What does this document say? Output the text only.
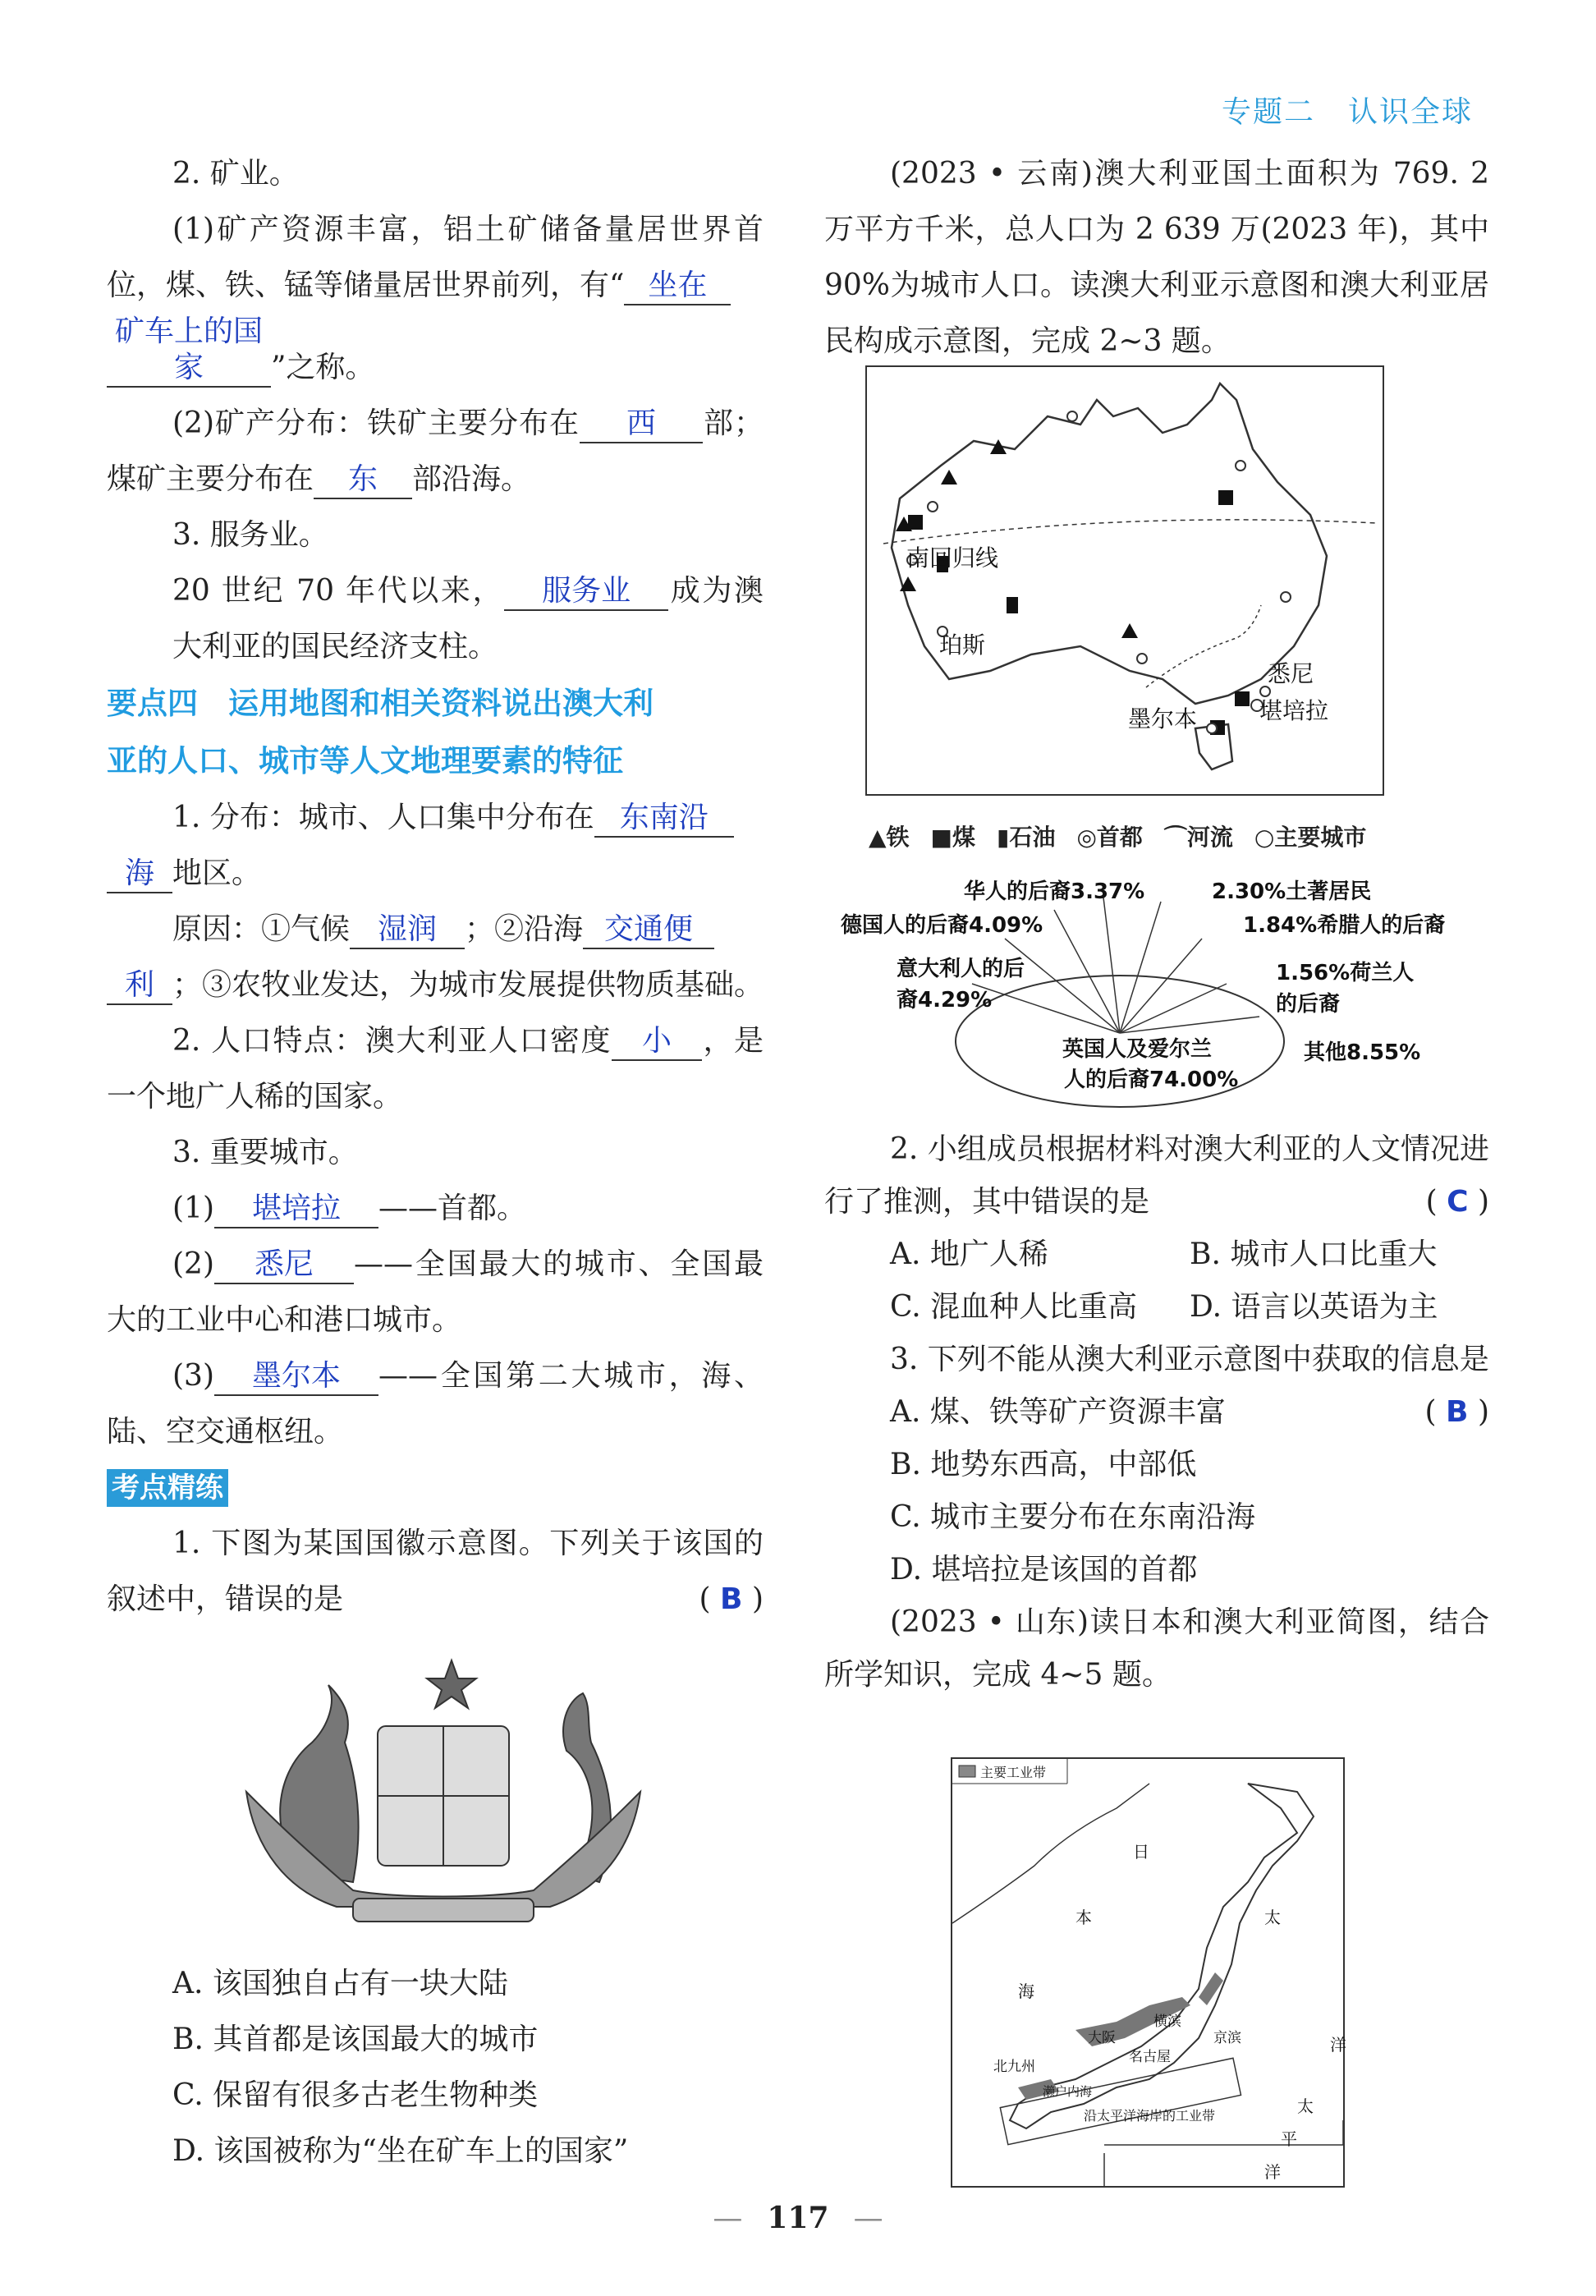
专题二 认识全球

2. 矿业。

(1)矿产资源丰富，铝土矿储备量居世界首位，煤、铁、锰等储量居世界前列，有“ 坐在
矿车上的国家 ”之称。

(2)矿产分布：铁矿主要分布在 西 部；煤矿主要分布在 东 部沿海。

3. 服务业。

20 世纪 70 年代以来， 服务业 成为澳大利亚的国民经济支柱。

要点四　运用地图和相关资料说出澳大利

亚的人口、城市等人文地理要素的特征

1. 分布：城市、人口集中分布在 东南沿
海 地区。

原因：①气候 湿润 ；②沿海 交通便
利 ；③农牧业发达，为城市发展提供物质基础。

2. 人口特点：澳大利亚人口密度 小 ，是一个地广人稀的国家。

3. 重要城市。

(1) 堪培拉 ——首都。

(2) 悉尼 ——全国最大的城市、全国最大的工业中心和港口城市。

(3) 墨尔本 ——全国第二大城市，海、陆、空交通枢纽。

考点精练

1. 下图为某国国徽示意图。下列关于该国的叙述中，错误的是	( B )

A. 该国独自占有一块大陆

B. 其首都是该国最大的城市

C. 保留有很多古老生物种类

D. 该国被称为“坐在矿车上的国家”

(2023 • 云南)澳大利亚国土面积为 769. 2 万平方千米，总人口为 2 639 万(2023 年)，其中 90%为城市人口。读澳大利亚示意图和澳大利亚居民构成示意图，完成 2~3 题。

南回归线
珀斯
悉尼
堪培拉
墨尔本
▲铁 ■煤 ▮石油 ◎首都 ⌒河流 ○主要城市
华人的后裔3.37%	2.30%土著居民
德国人的后裔4.09%	1.84%希腊人的后裔
意大利人的后
裔4.29%
1.56%荷兰人
的后裔
其他8.55%
英国人及爱尔兰
人的后裔74.00%

2. 小组成员根据材料对澳大利亚的人文情况进行了推测，其中错误的是	( C )

A. 地广人稀	B. 城市人口比重大
C. 混血种人比重高	D. 语言以英语为主

3. 下列不能从澳大利亚示意图中获取的信息是
( B )

A. 煤、铁等矿产资源丰富

B. 地势东西高，中部低

C. 城市主要分布在东南沿海

D. 堪培拉是该国的首都

(2023 • 山东)读日本和澳大利亚简图，结合所学知识，完成 4~5 题。

主要工业带
日
本
海
太
太
平
洋
洋
大阪
横滨
京滨
名古屋
北九州
濑户内海
沿太平洋海岸的工业带
— 117 —
